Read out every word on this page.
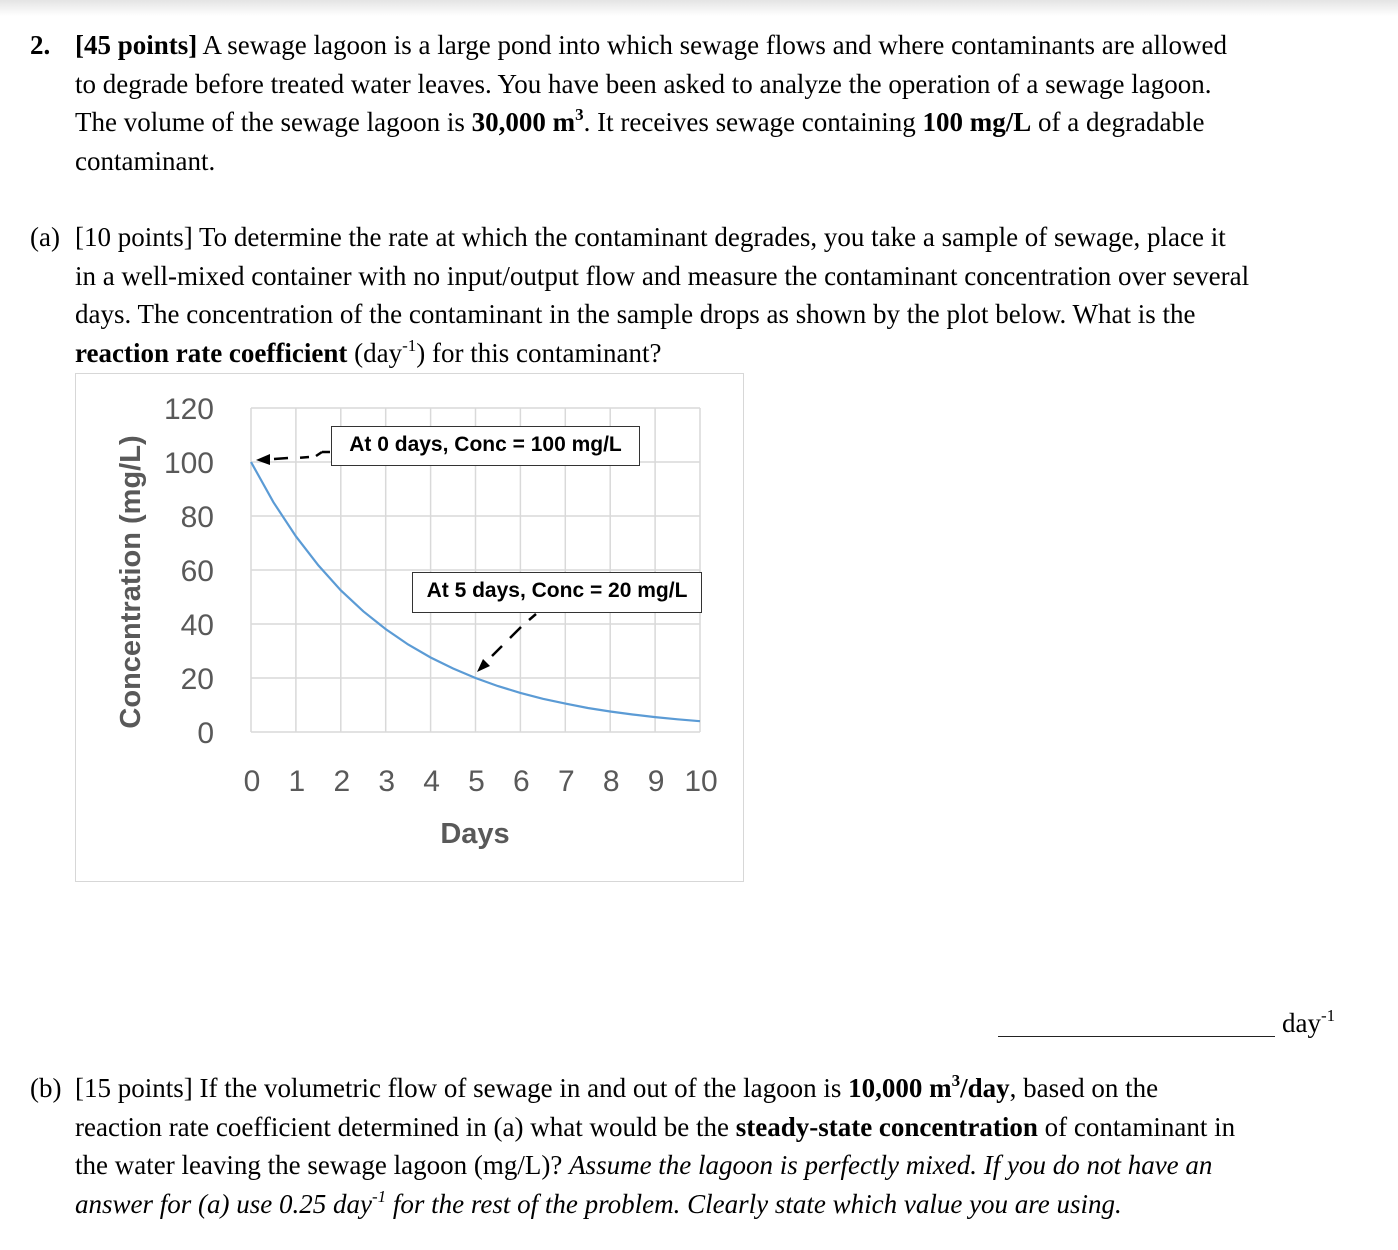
2. [45 points] A sewage lagoon is a large pond into which sewage flows and where contaminants are allowed
to degrade before treated water leaves. You have been asked to analyze the operation of a sewage lagoon.
The volume of the sewage lagoon is 30,000 $m^3$. It receives sewage containing 100 mg/L of a degradable
contaminant.
(a) [10 points] To determine the rate at which the contaminant degrades, you take a sample of sewage, place it
in a well-mixed container with no input/output flow and measure the contaminant concentration over several
days. The concentration of the contaminant in the sample drops as shown by the plot below. What is the
reaction rate coefficient (day$^{-1}$) for this contaminant?
0
20
40
60
80
100
120
0 1 2 3 4 5 6 7 8 9 10
Days
Concentration (mg/L)	At 0 days, Conc = 100 mg/L
At 5 days, Conc = 20 mg/L
day$^{-1}$
(b) [15 points] If the volumetric flow of sewage in and out of the lagoon is 10,000 $m^3$/day, based on the
reaction rate coefficient determined in (a) what would be the steady-state concentration of contaminant in
the water leaving the sewage lagoon (mg/L)? Assume the lagoon is perfectly mixed. If you do not have an
answer for (a) use 0.25 day$^{-1}$ for the rest of the problem. Clearly state which value you are using.
